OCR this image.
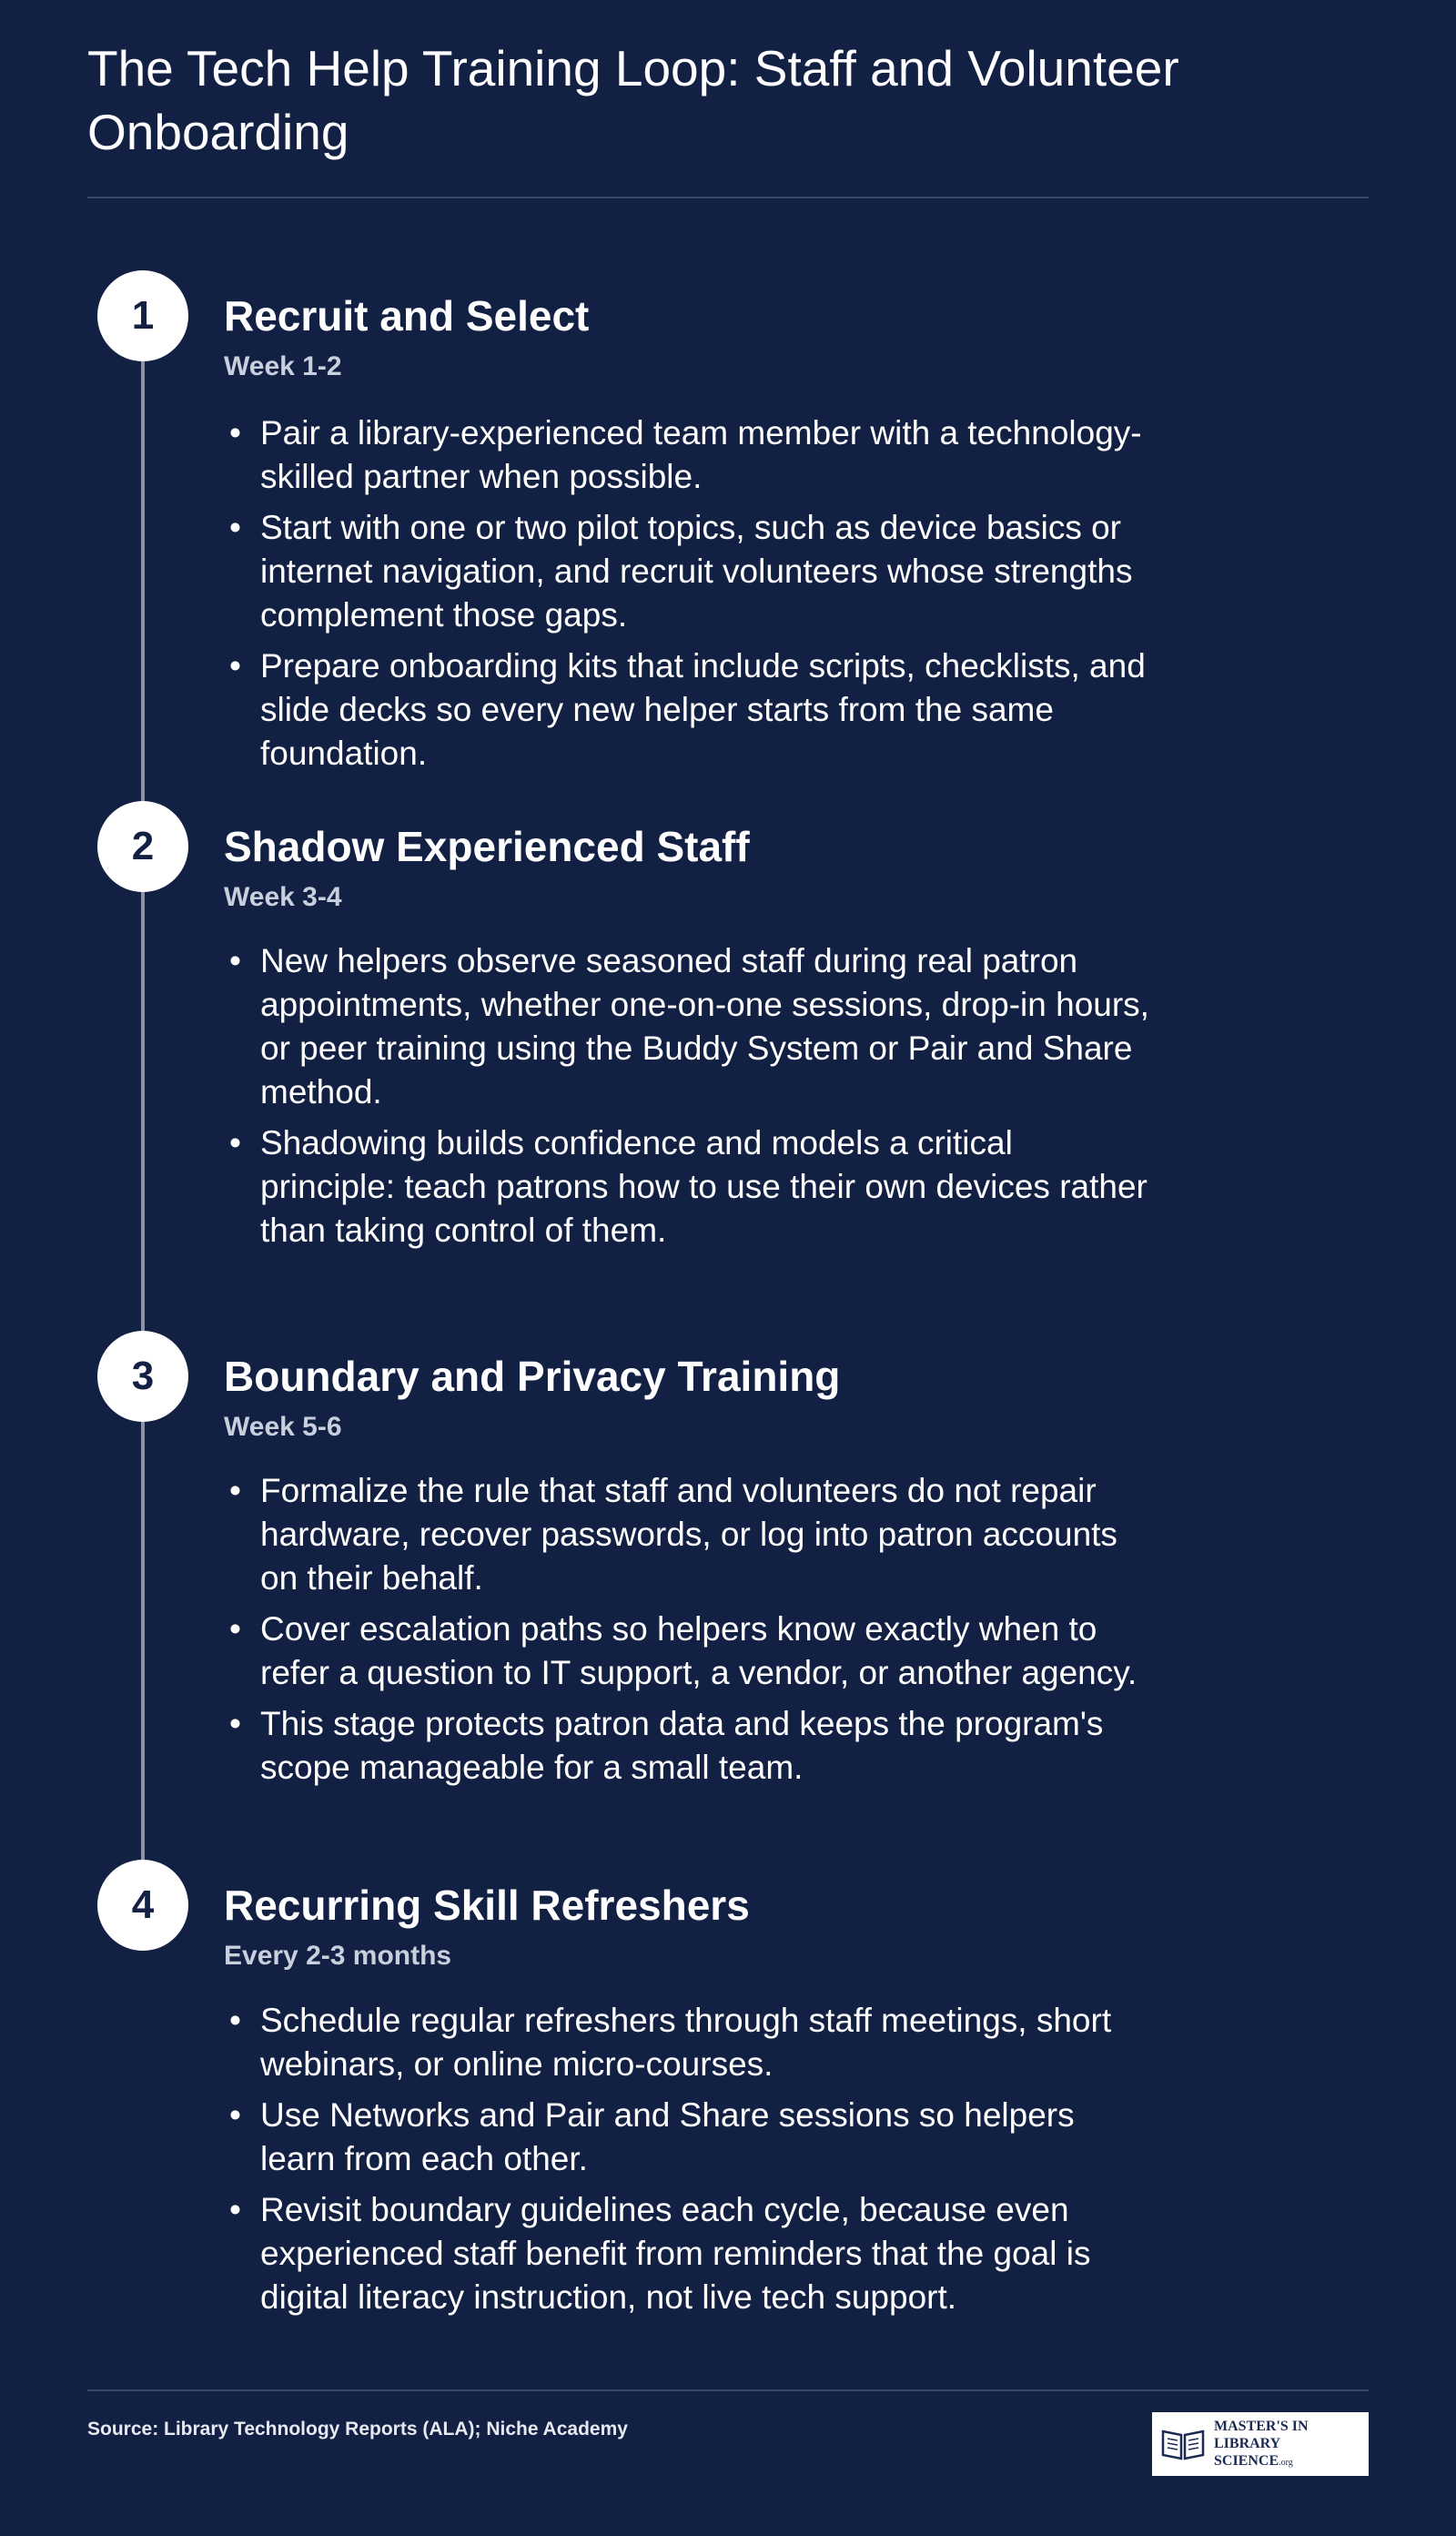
The Tech Help Training Loop: Staff and Volunteer Onboarding
1	Recruit and Select
Week 1-2
• Pair a library-experienced team member with a technology-skilled partner when possible.
• Start with one or two pilot topics, such as device basics or internet navigation, and recruit volunteers whose strengths complement those gaps.
• Prepare onboarding kits that include scripts, checklists, and slide decks so every new helper starts from the same foundation.
2	Shadow Experienced Staff
Week 3-4
• New helpers observe seasoned staff during real patron appointments, whether one-on-one sessions, drop-in hours, or peer training using the Buddy System or Pair and Share method.
• Shadowing builds confidence and models a critical principle: teach patrons how to use their own devices rather than taking control of them.
3	Boundary and Privacy Training
Week 5-6
• Formalize the rule that staff and volunteers do not repair hardware, recover passwords, or log into patron accounts on their behalf.
• Cover escalation paths so helpers know exactly when to refer a question to IT support, a vendor, or another agency.
• This stage protects patron data and keeps the program's scope manageable for a small team.
4	Recurring Skill Refreshers
Every 2-3 months
• Schedule regular refreshers through staff meetings, short webinars, or online micro-courses.
• Use Networks and Pair and Share sessions so helpers learn from each other.
• Revisit boundary guidelines each cycle, because even experienced staff benefit from reminders that the goal is digital literacy instruction, not live tech support.
Source: Library Technology Reports (ALA); Niche Academy	MASTER'S IN
LIBRARY SCIENCE.org
